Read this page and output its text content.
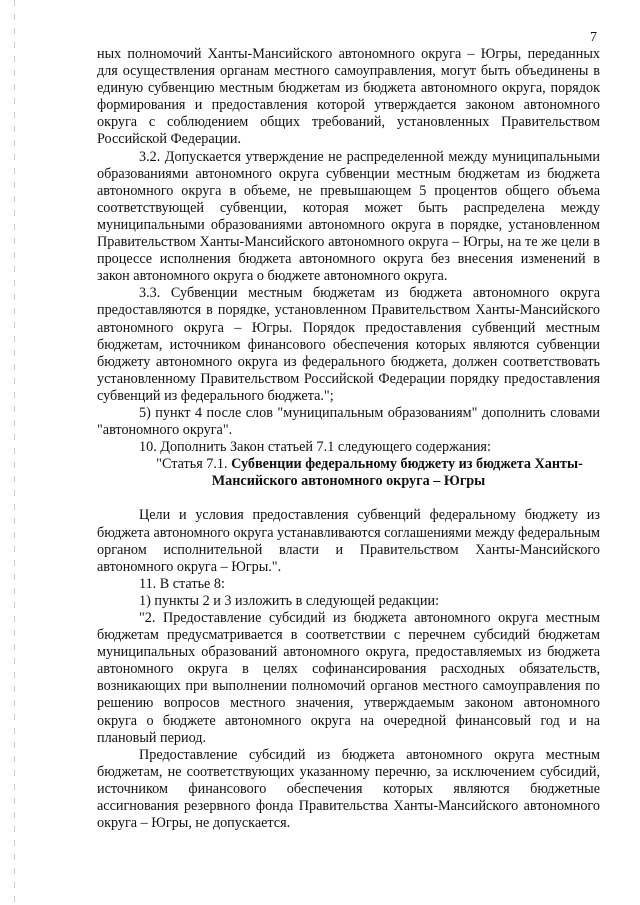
7

ных полномочий Ханты-Мансийского автономного округа – Югры, переданных для осуществления органам местного самоуправления, могут быть объединены в единую субвенцию местным бюджетам из бюджета автономного округа, порядок формирования и предоставления которой утверждается законом автономного округа с соблюдением общих требований, установленных Правительством Российской Федерации.

3.2. Допускается утверждение не распределенной между муниципальными образованиями автономного округа субвенции местным бюджетам из бюджета автономного округа в объеме, не превышающем 5 процентов общего объема соответствующей субвенции, которая может быть распределена между муниципальными образованиями автономного округа в порядке, установленном Правительством Ханты-Мансийского автономного округа – Югры, на те же цели в процессе исполнения бюджета автономного округа без внесения изменений в закон автономного округа о бюджете автономного округа.

3.3. Субвенции местным бюджетам из бюджета автономного округа предоставляются в порядке, установленном Правительством Ханты-Мансийского автономного округа – Югры. Порядок предоставления субвенций местным бюджетам, источником финансового обеспечения которых являются субвенции бюджету автономного округа из федерального бюджета, должен соответствовать установленному Правительством Российской Федерации порядку предоставления субвенций из федерального бюджета.";

5) пункт 4 после слов "муниципальным образованиям" дополнить словами "автономного округа".

10. Дополнить Закон статьей 7.1 следующего содержания:

"Статья 7.1. Субвенции федеральному бюджету из бюджета Ханты-Мансийского автономного округа – Югры

Цели и условия предоставления субвенций федеральному бюджету из бюджета автономного округа устанавливаются соглашениями между федеральным органом исполнительной власти и Правительством Ханты-Мансийского автономного округа – Югры.".

11. В статье 8:

1) пункты 2 и 3 изложить в следующей редакции:

"2. Предоставление субсидий из бюджета автономного округа местным бюджетам предусматривается в соответствии с перечнем субсидий бюджетам муниципальных образований автономного округа, предоставляемых из бюджета автономного округа в целях софинансирования расходных обязательств, возникающих при выполнении полномочий органов местного самоуправления по решению вопросов местного значения, утверждаемым законом автономного округа о бюджете автономного округа на очередной финансовый год и на плановый период.

Предоставление субсидий из бюджета автономного округа местным бюджетам, не соответствующих указанному перечню, за исключением субсидий, источником финансового обеспечения которых являются бюджетные ассигнования резервного фонда Правительства Ханты-Мансийского автономного округа – Югры, не допускается.
